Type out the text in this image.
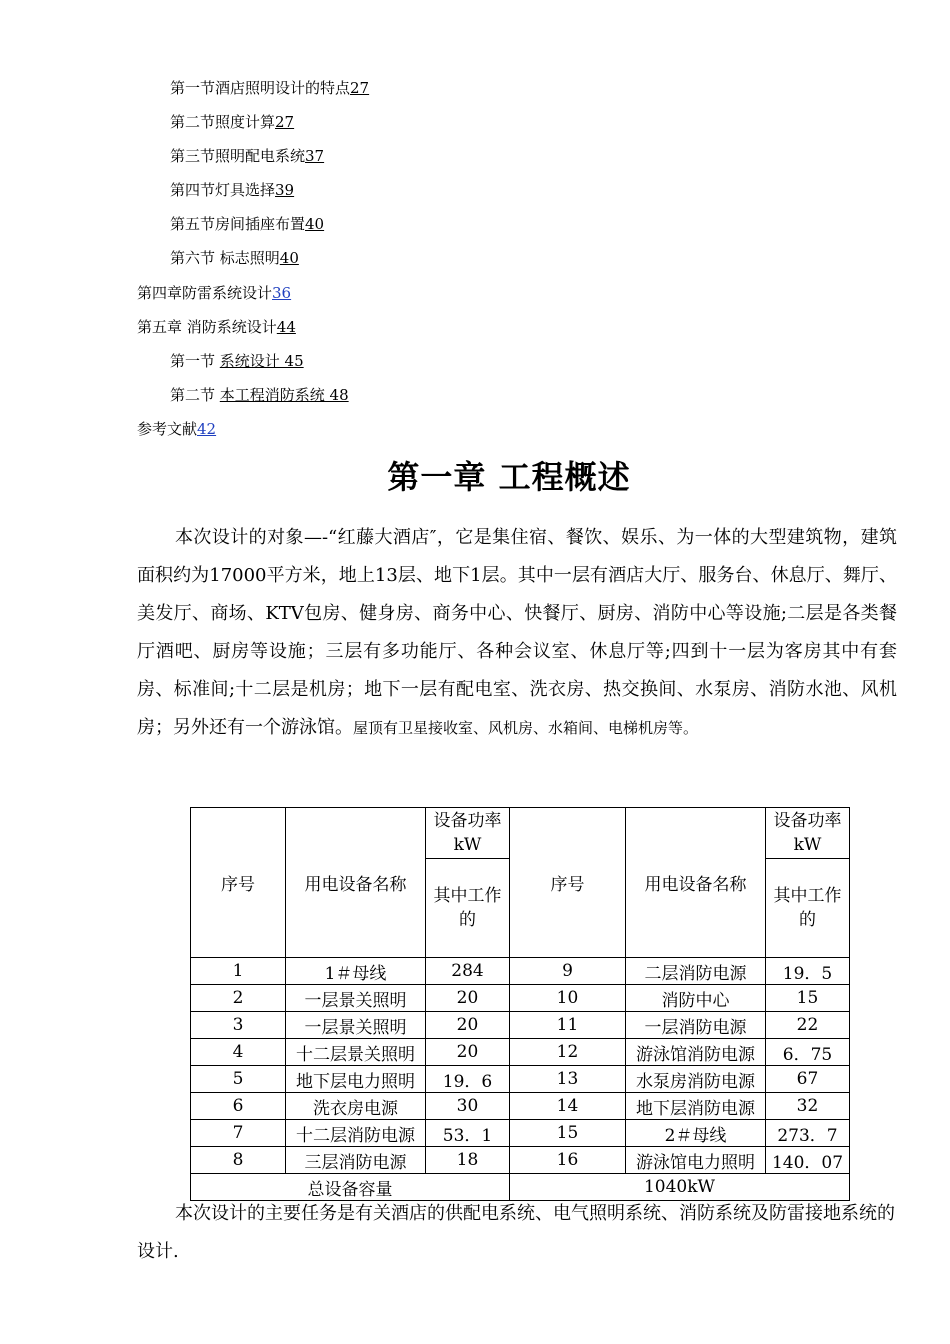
第一节酒店照明设计的特点27
第二节照度计算27
第三节照明配电系统37
第四节灯具选择39
第五节房间插座布置40
第六节 标志照明40
第四章防雷系统设计36
第五章 消防系统设计44
第一节 系统设计 45
第二节 本工程消防系统 48
参考文献42
第一章 工程概述
本次设计的对象—-“红藤大酒店″，它是集住宿、餐饮、娱乐、为一体的大型建筑物，建筑面积约为17000平方米，地上13层、地下1层。其中一层有酒店大厅、服务台、休息厅、舞厅、美发厅、商场、KTV包房、健身房、商务中心、快餐厅、厨房、消防中心等设施;二层是各类餐厅酒吧、厨房等设施；三层有多功能厅、各种会议室、休息厅等;四到十一层为客房其中有套房、标准间;十二层是机房；地下一层有配电室、洗衣房、热交换间、水泵房、消防水池、风机房；另外还有一个游泳馆。屋顶有卫星接收室、风机房、水箱间、电梯机房等。
序号	用电设备名称	设备功率kW	序号	用电设备名称	设备功率kW
		其中工作的			其中工作的
1	1＃母线	284	9	二层消防电源	19．5
2	一层景关照明	20	10	消防中心	15
3	一层景关照明	20	11	一层消防电源	22
4	十二层景关照明	20	12	游泳馆消防电源	6．75
5	地下层电力照明	19．6	13	水泵房消防电源	67
6	洗衣房电源	30	14	地下层消防电源	32
7	十二层消防电源	53．1	15	2＃母线	273．7
8	三层消防电源	18	16	游泳馆电力照明	140．07
总设备容量			1040kW		
本次设计的主要任务是有关酒店的供配电系统、电气照明系统、消防系统及防雷接地系统的设计.
